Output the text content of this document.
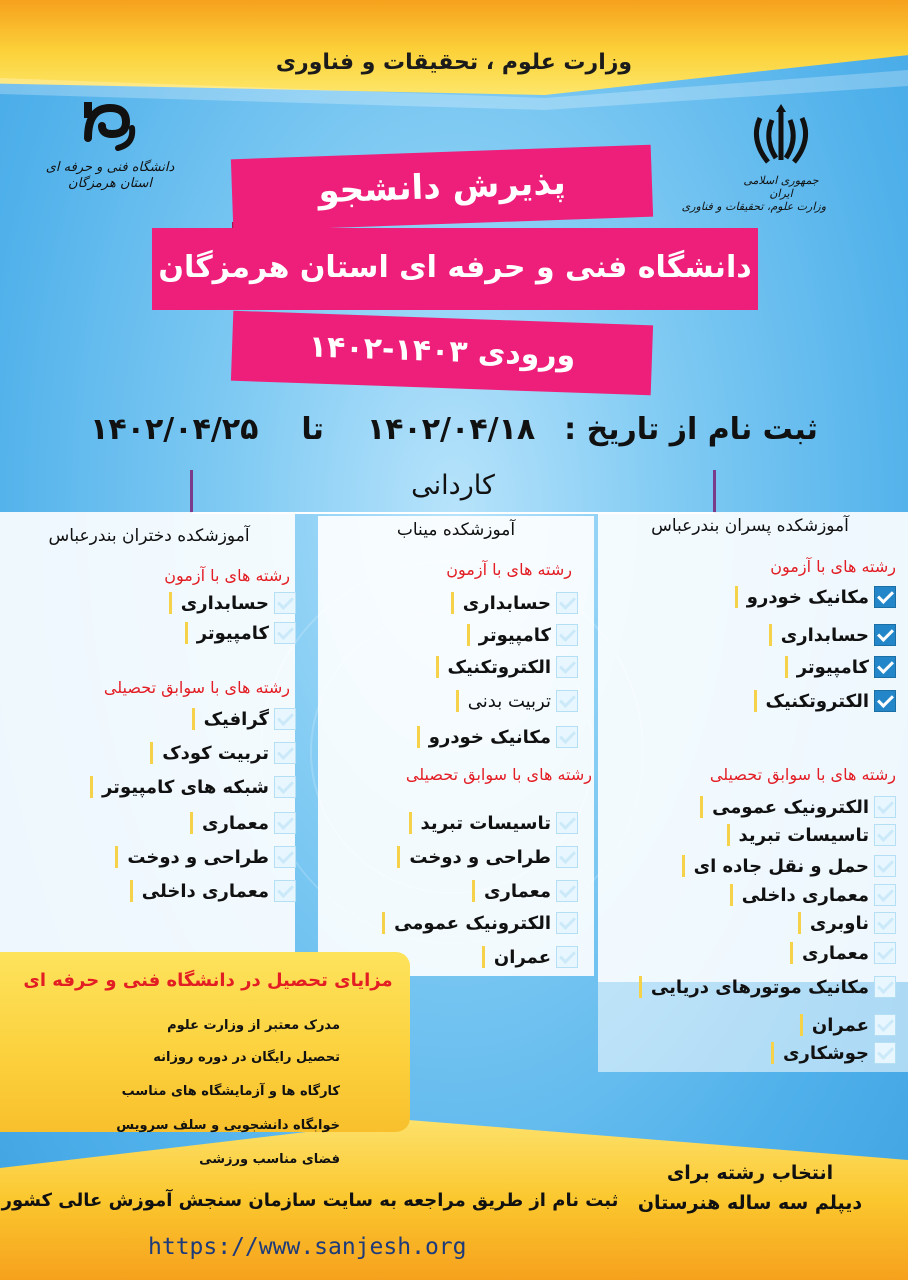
وزارت علوم ، تحقیقات و فناوری
دانشگاه فنی و حرفه ای
استان هرمزگان	جمهوری اسلامی ایران
وزارت علوم، تحقیقات و فناوری
پذیرش دانشجو
دانشگاه فنی و حرفه ای استان هرمزگان
ورودی ۱۴۰۳-۱۴۰۲
ثبت نام از تاریخ :  ۱۴۰۲/۰۴/۱۸  تا  ۱۴۰۲/۰۴/۲۵
کاردانی
آموزشکده پسران بندرعباس
آموزشکده میناب
آموزشکده دختران بندرعباس
رشته های با آزمون
رشته های با سوابق تحصیلی
رشته های با آزمون
رشته های با سوابق تحصیلی
رشته های با آزمون
رشته های با سوابق تحصیلی
مکانیک خودرو
حسابداری
کامپیوتر
الکتروتکنیک
الکترونیک عمومی
تاسیسات تبرید
حمل و نقل جاده ای
معماری داخلی
ناوبری
معماری
مکانیک موتورهای دریایی
عمران
جوشکاری
حسابداری
کامپیوتر
الکتروتکنیک
تربیت بدنی
مکانیک خودرو
تاسیسات تبرید
طراحی و دوخت
معماری
الکترونیک عمومی
عمران
حسابداری
کامپیوتر
گرافیک
تربیت کودک
شبکه های کامپیوتر
معماری
طراحی و دوخت
معماری داخلی
مزایای تحصیل در دانشگاه فنی و حرفه ای
مدرک معتبر از وزارت علوم
تحصیل رایگان در دوره روزانه
کارگاه ها و آزمایشگاه های مناسب
خوابگاه دانشجویی و سلف سرویس
فضای مناسب ورزشی
انتخاب رشته برای
دیپلم سه ساله هنرستان
ثبت نام از طریق مراجعه به سایت سازمان سنجش آموزش عالی کشور
https://www.sanjesh.org
